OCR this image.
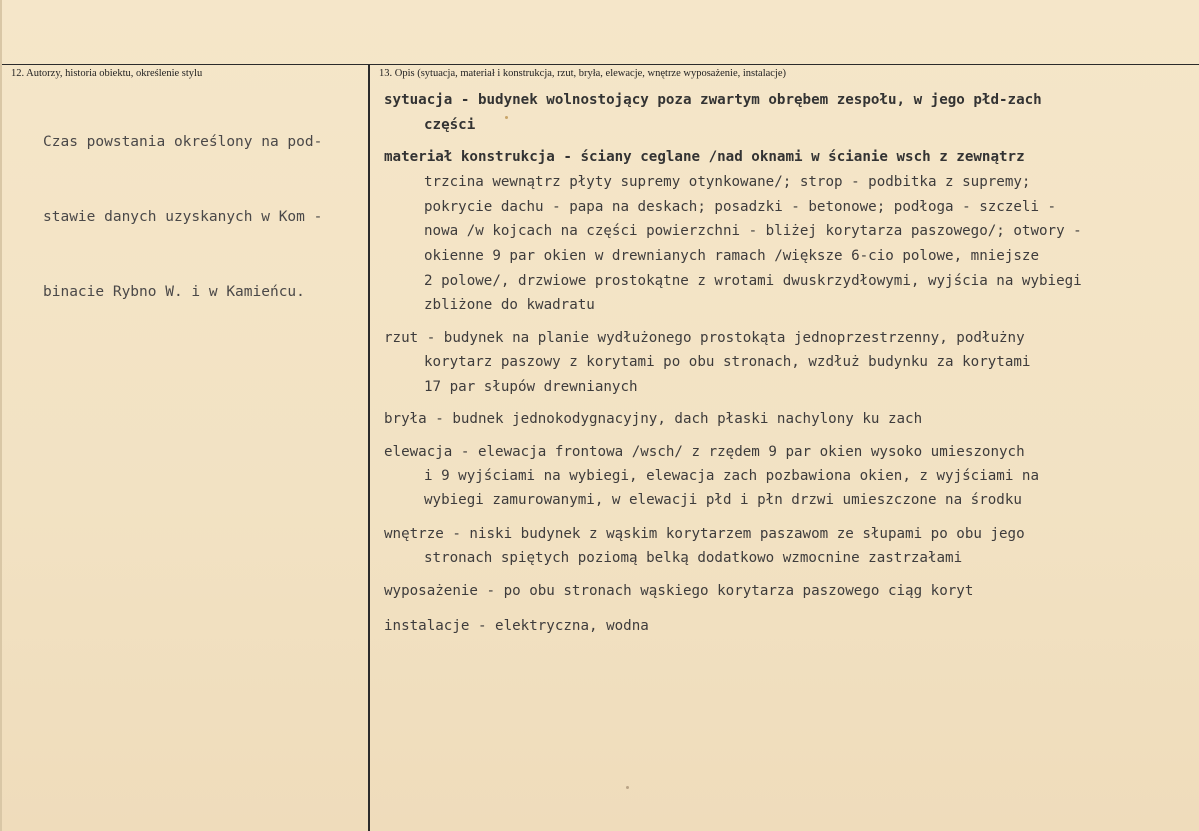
12. Autorzy, historia obiektu, określenie stylu	13. Opis (sytuacja, materiał i konstrukcja, rzut, bryła, elewacje, wnętrze wyposażenie, instalacje)

Czas powstania określony na pod-

stawie danych uzyskanych w Kom -

binacie Rybno W. i w Kamieńcu.

sytuacja - budynek wolnostojący poza zwartym obrębem zespołu, w jego płd-zach
części
materiał konstrukcja - ściany ceglane /nad oknami w ścianie wsch z zewnątrz
trzcina wewnątrz płyty supremy otynkowane/; strop - podbitka z supremy;
pokrycie dachu - papa na deskach; posadzki - betonowe; podłoga - szczeli -
nowa /w kojcach na części powierzchni - bliżej korytarza paszowego/; otwory -
okienne 9 par okien w drewnianych ramach /większe 6-cio polowe, mniejsze
2 polowe/, drzwiowe prostokątne z wrotami dwuskrzydłowymi, wyjścia na wybiegi
zbliżone do kwadratu
rzut - budynek na planie wydłużonego prostokąta jednoprzestrzenny, podłużny
korytarz paszowy z korytami po obu stronach, wzdłuż budynku za korytami
17 par słupów drewnianych
bryła - budnek jednokodygnacyjny, dach płaski nachylony ku zach
elewacja - elewacja frontowa /wsch/ z rzędem 9 par okien wysoko umieszonych
i 9 wyjściami na wybiegi, elewacja zach pozbawiona okien, z wyjściami na
wybiegi zamurowanymi, w elewacji płd i płn drzwi umieszczone na środku
wnętrze - niski budynek z wąskim korytarzem paszawom ze słupami po obu jego
stronach spiętych poziomą belką dodatkowo wzmocnine zastrzałami
wyposażenie - po obu stronach wąskiego korytarza paszowego ciąg koryt
instalacje - elektryczna, wodna
